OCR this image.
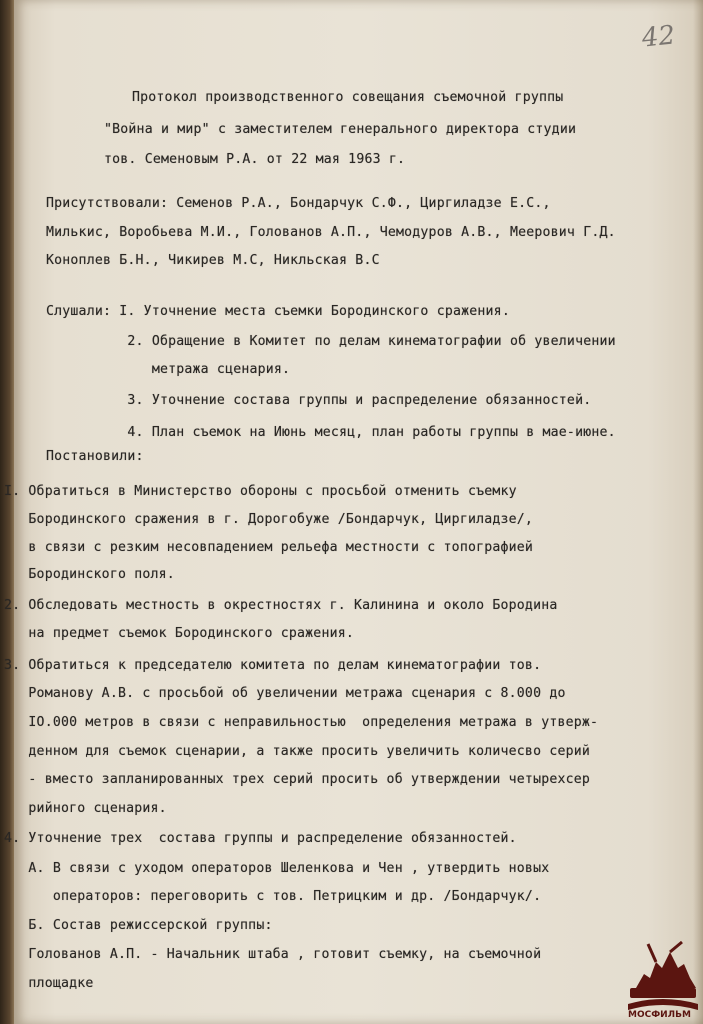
42
Протокол производственного совещания съемочной группы
"Война и мир" с заместителем генерального директора студии
тов. Семеновым Р.А. от 22 мая 1963 г.
Присутствовали: Семенов Р.А., Бондарчук С.Ф., Циргиладзе Е.С.,
Милькис, Воробьева М.И., Голованов А.П., Чемодуров А.В., Меерович Г.Д.
Коноплев Б.Н., Чикирев М.С, Никльская В.С
Слушали: I. Уточнение места съемки Бородинского сражения.
2. Обращение в Комитет по делам кинематографии об увеличении
метража сценария.
3. Уточнение состава группы и распределение обязанностей.
4. План съемок на Июнь месяц, план работы группы в мае-июне.
Постановили:
I. Обратиться в Министерство обороны с просьбой отменить съемку
Бородинского сражения в г. Дорогобуже /Бондарчук, Циргиладзе/,
в связи с резким несовпадением рельефа местности с топографией
Бородинского поля.
2. Обследовать местность в окрестностях г. Калинина и около Бородина
на предмет съемок Бородинского сражения.
3. Обратиться к председателю комитета по делам кинематографии тов.
Романову А.В. с просьбой об увеличении метража сценария с 8.000 до
IO.000 метров в связи с неправильностью  определения метража в утверж-
денном для съемок сценарии, а также просить увеличить количесво серий
- вместо запланированных трех серий просить об утверждении четырехсер
рийного сценария.
4. Уточнение трех  состава группы и распределение обязанностей.
А. В связи с уходом операторов Шеленкова и Чен , утвердить новых
операторов: переговорить с тов. Петрицким и др. /Бондарчук/.
Б. Состав режиссерской группы:
Голованов А.П. - Начальник штаба , готовит съемку, на съемочной
площадке
МОСФИЛЬМ
